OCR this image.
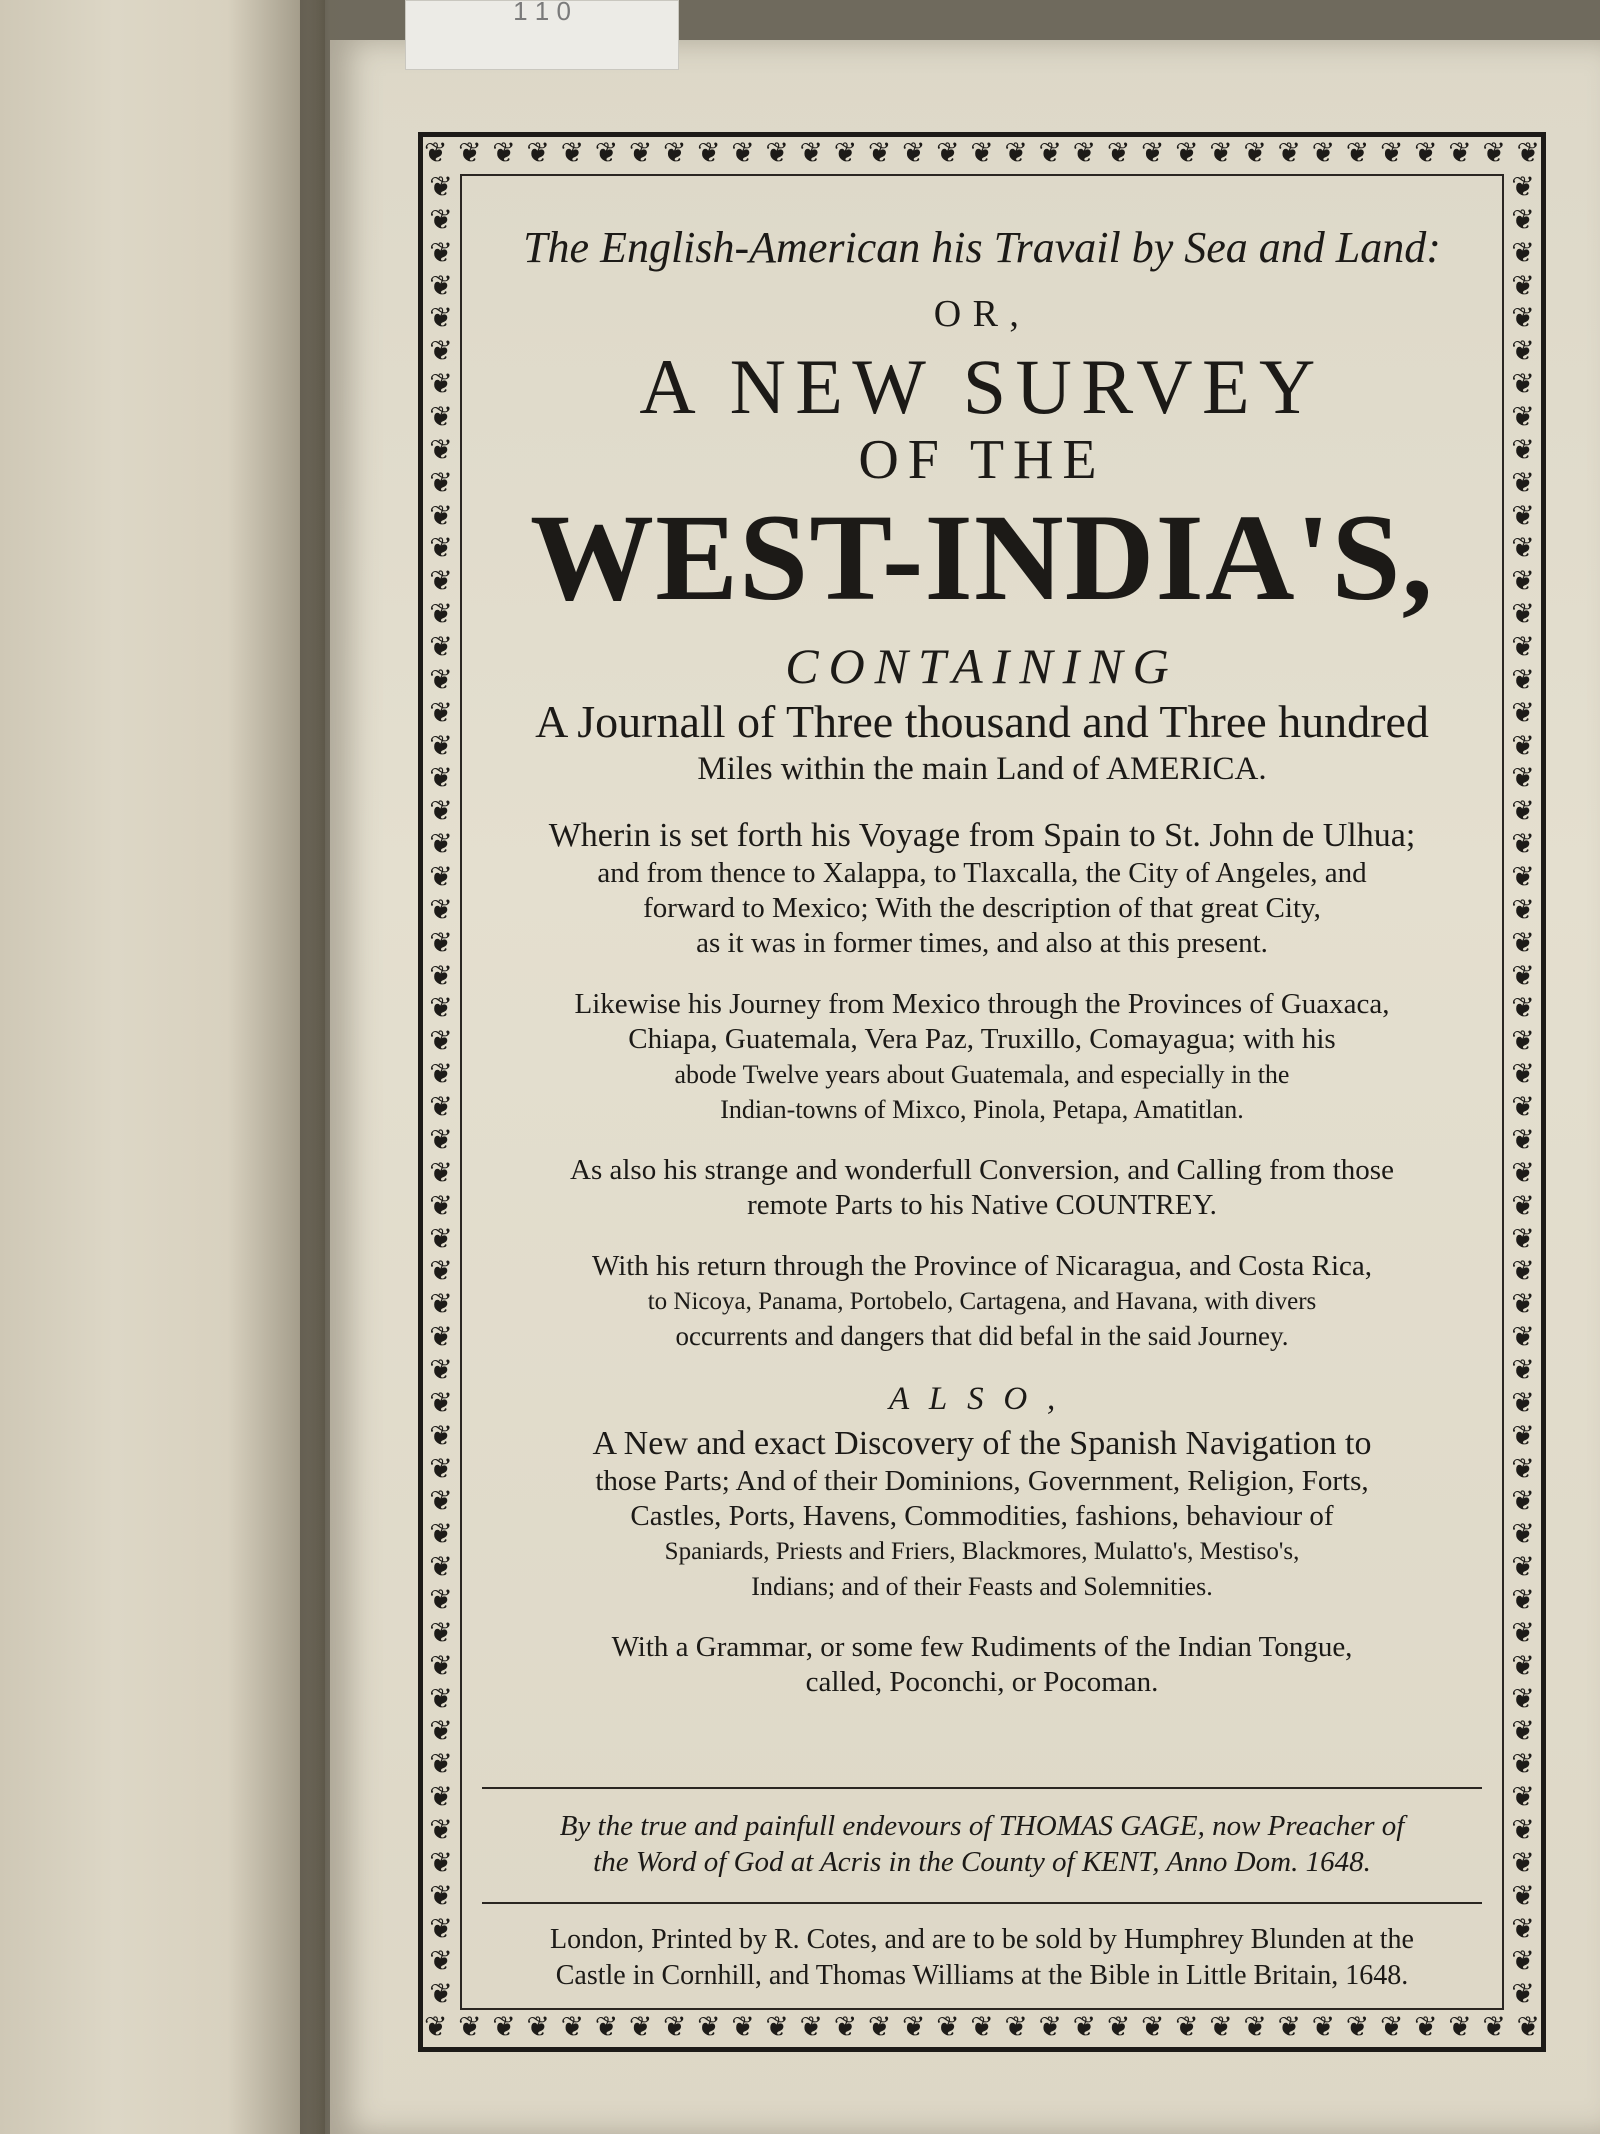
1 1 0
❦ ❦ ❦ ❦ ❦ ❦ ❦ ❦ ❦ ❦ ❦ ❦ ❦ ❦ ❦ ❦ ❦ ❦ ❦ ❦ ❦ ❦ ❦ ❦ ❦ ❦ ❦ ❦ ❦ ❦ ❦ ❦ ❦
❦ ❦ ❦ ❦ ❦ ❦ ❦ ❦ ❦ ❦ ❦ ❦ ❦ ❦ ❦ ❦ ❦ ❦ ❦ ❦ ❦ ❦ ❦ ❦ ❦ ❦ ❦ ❦ ❦ ❦ ❦ ❦ ❦
❦
❦
❦
❦
❦
❦
❦
❦
❦
❦
❦
❦
❦
❦
❦
❦
❦
❦
❦
❦
❦
❦
❦
❦
❦
❦
❦
❦
❦
❦
❦
❦
❦
❦
❦
❦
❦
❦
❦
❦
❦
❦
❦
❦
❦
❦
❦
❦
❦
❦
❦
❦
❦
❦
❦
❦
❦
❦
❦
❦
❦
❦
❦
❦
❦
❦
❦
❦
❦
❦
❦
❦
❦
❦
❦
❦
❦
❦
❦
❦
❦
❦
❦
❦
❦
❦
❦
❦
❦
❦
❦
❦
❦
❦
❦
❦
❦
❦
❦
❦
❦
❦
❦
❦
❦
❦
❦
❦
❦
❦
❦
❦
The English-American his Travail by Sea and Land:
OR,
A NEW SURVEY
OF THE
WEST-INDIA'S,
CONTAINING
A Journall of Three thousand and Three hundred
Miles within the main Land of AMERICA.
Wherin is set forth his Voyage from Spain to St. John de Ulhua;
and from thence to Xalappa, to Tlaxcalla, the City of Angeles, and
forward to Mexico; With the description of that great City,
as it was in former times, and also at this present.
Likewise his Journey from Mexico through the Provinces of Guaxaca,
Chiapa, Guatemala, Vera Paz, Truxillo, Comayagua; with his
abode Twelve years about Guatemala, and especially in the
Indian-towns of Mixco, Pinola, Petapa, Amatitlan.
As also his strange and wonderfull Conversion, and Calling from those
remote Parts to his Native COUNTREY.
With his return through the Province of Nicaragua, and Costa Rica,
to Nicoya, Panama, Portobelo, Cartagena, and Havana, with divers
occurrents and dangers that did befal in the said Journey.
ALSO,
A New and exact Discovery of the Spanish Navigation to
those Parts; And of their Dominions, Government, Religion, Forts,
Castles, Ports, Havens, Commodities, fashions, behaviour of
Spaniards, Priests and Friers, Blackmores, Mulatto's, Mestiso's,
Indians; and of their Feasts and Solemnities.
With a Grammar, or some few Rudiments of the Indian Tongue,
called, Poconchi, or Pocoman.
By the true and painfull endevours of THOMAS GAGE, now Preacher of
the Word of God at Acris in the County of KENT, Anno Dom. 1648.
London, Printed by R. Cotes, and are to be sold by Humphrey Blunden at the
Castle in Cornhill, and Thomas Williams at the Bible in Little Britain, 1648.
